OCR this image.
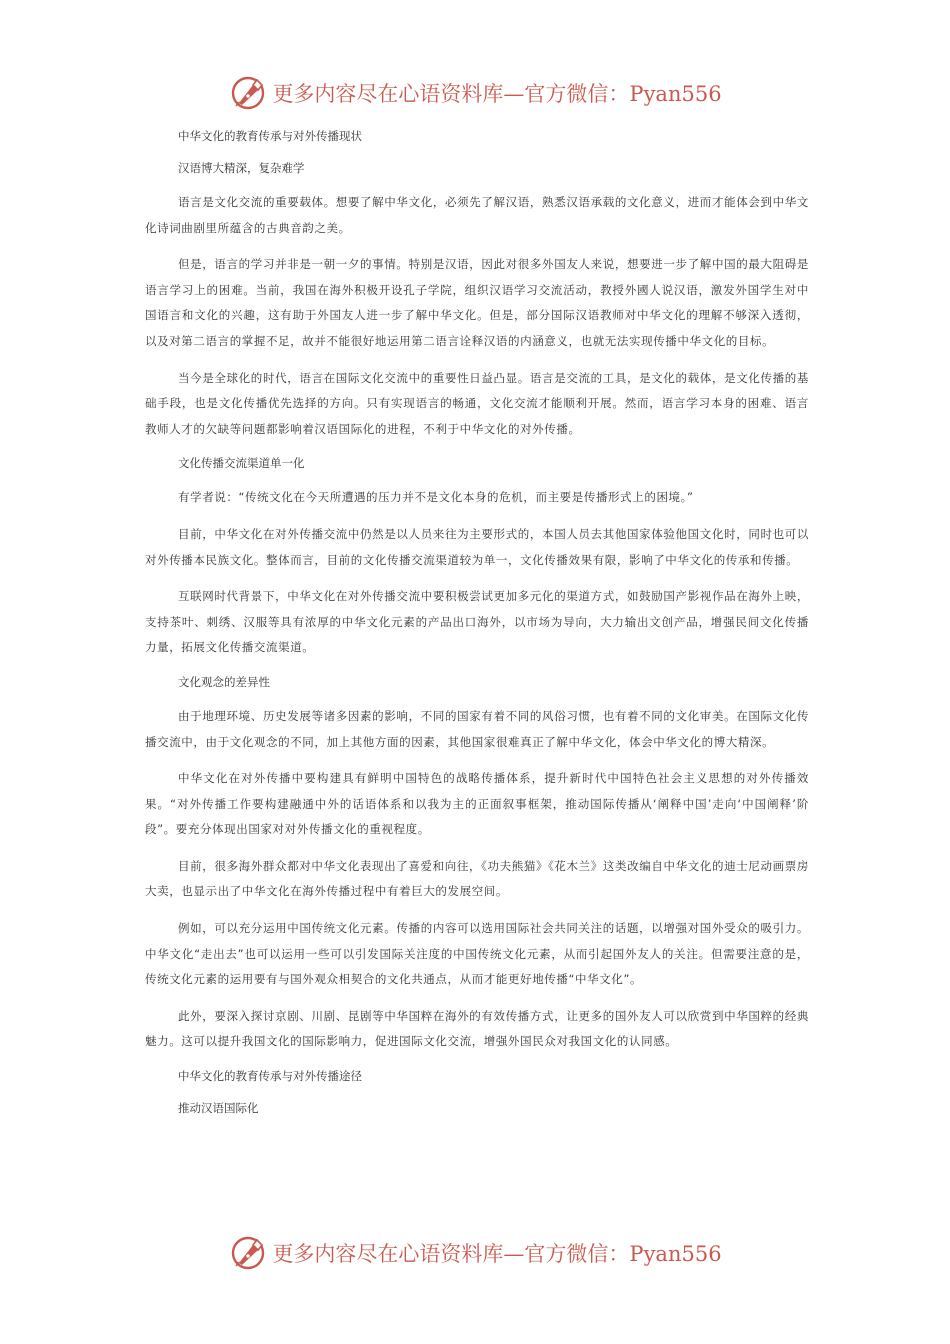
更多内容尽在心语资料库—官方微信：Pyan556

中华文化的教育传承与对外传播现状

汉语博大精深，复杂难学

语言是文化交流的重要载体。想要了解中华文化，必须先了解汉语，熟悉汉语承载的文化意义，进而才能体会到中华文化诗词曲剧里所蕴含的古典音韵之美。

但是，语言的学习并非是一朝一夕的事情。特别是汉语，因此对很多外国友人来说，想要进一步了解中国的最大阻碍是语言学习上的困难。当前，我国在海外积极开设孔子学院，组织汉语学习交流活动，教授外國人说汉语，激发外国学生对中国语言和文化的兴趣，这有助于外国友人进一步了解中华文化。但是，部分国际汉语教师对中华文化的理解不够深入透彻，以及对第二语言的掌握不足，故并不能很好地运用第二语言诠释汉语的内涵意义，也就无法实现传播中华文化的目标。

当今是全球化的时代，语言在国际文化交流中的重要性日益凸显。语言是交流的工具，是文化的载体，是文化传播的基础手段，也是文化传播优先选择的方向。只有实现语言的畅通，文化交流才能顺利开展。然而，语言学习本身的困难、语言教师人才的欠缺等问题都影响着汉语国际化的进程，不利于中华文化的对外传播。

文化传播交流渠道单一化

有学者说：“传统文化在今天所遭遇的压力并不是文化本身的危机，而主要是传播形式上的困境。”

目前，中华文化在对外传播交流中仍然是以人员来往为主要形式的，本国人员去其他国家体验他国文化时，同时也可以对外传播本民族文化。整体而言，目前的文化传播交流渠道较为单一，文化传播效果有限，影响了中华文化的传承和传播。

互联网时代背景下，中华文化在对外传播交流中要积极尝试更加多元化的渠道方式，如鼓励国产影视作品在海外上映，支持茶叶、刺绣、汉服等具有浓厚的中华文化元素的产品出口海外，以市场为导向，大力输出文创产品，增强民间文化传播力量，拓展文化传播交流渠道。

文化观念的差异性

由于地理环境、历史发展等诸多因素的影响，不同的国家有着不同的风俗习惯，也有着不同的文化审美。在国际文化传播交流中，由于文化观念的不同，加上其他方面的因素，其他国家很难真正了解中华文化，体会中华文化的博大精深。

中华文化在对外传播中要构建具有鲜明中国特色的战略传播体系，提升新时代中国特色社会主义思想的对外传播效果。“对外传播工作要构建融通中外的话语体系和以我为主的正面叙事框架，推动国际传播从‘阐释中国’走向‘中国阐释’阶段”。要充分体现出国家对对外传播文化的重视程度。

目前，很多海外群众都对中华文化表现出了喜爱和向往，《功夫熊猫》《花木兰》这类改编自中华文化的迪士尼动画票房大卖，也显示出了中华文化在海外传播过程中有着巨大的发展空间。

例如，可以充分运用中国传统文化元素。传播的内容可以选用国际社会共同关注的话题，以增强对国外受众的吸引力。中华文化“走出去”也可以运用一些可以引发国际关注度的中国传统文化元素，从而引起国外友人的关注。但需要注意的是，传统文化元素的运用要有与国外观众相契合的文化共通点，从而才能更好地传播“中华文化”。

此外，要深入探讨京剧、川剧、昆剧等中华国粹在海外的有效传播方式，让更多的国外友人可以欣赏到中华国粹的经典魅力。这可以提升我国文化的国际影响力，促进国际文化交流，增强外国民众对我国文化的认同感。

中华文化的教育传承与对外传播途径

推动汉语国际化

更多内容尽在心语资料库—官方微信：Pyan556
